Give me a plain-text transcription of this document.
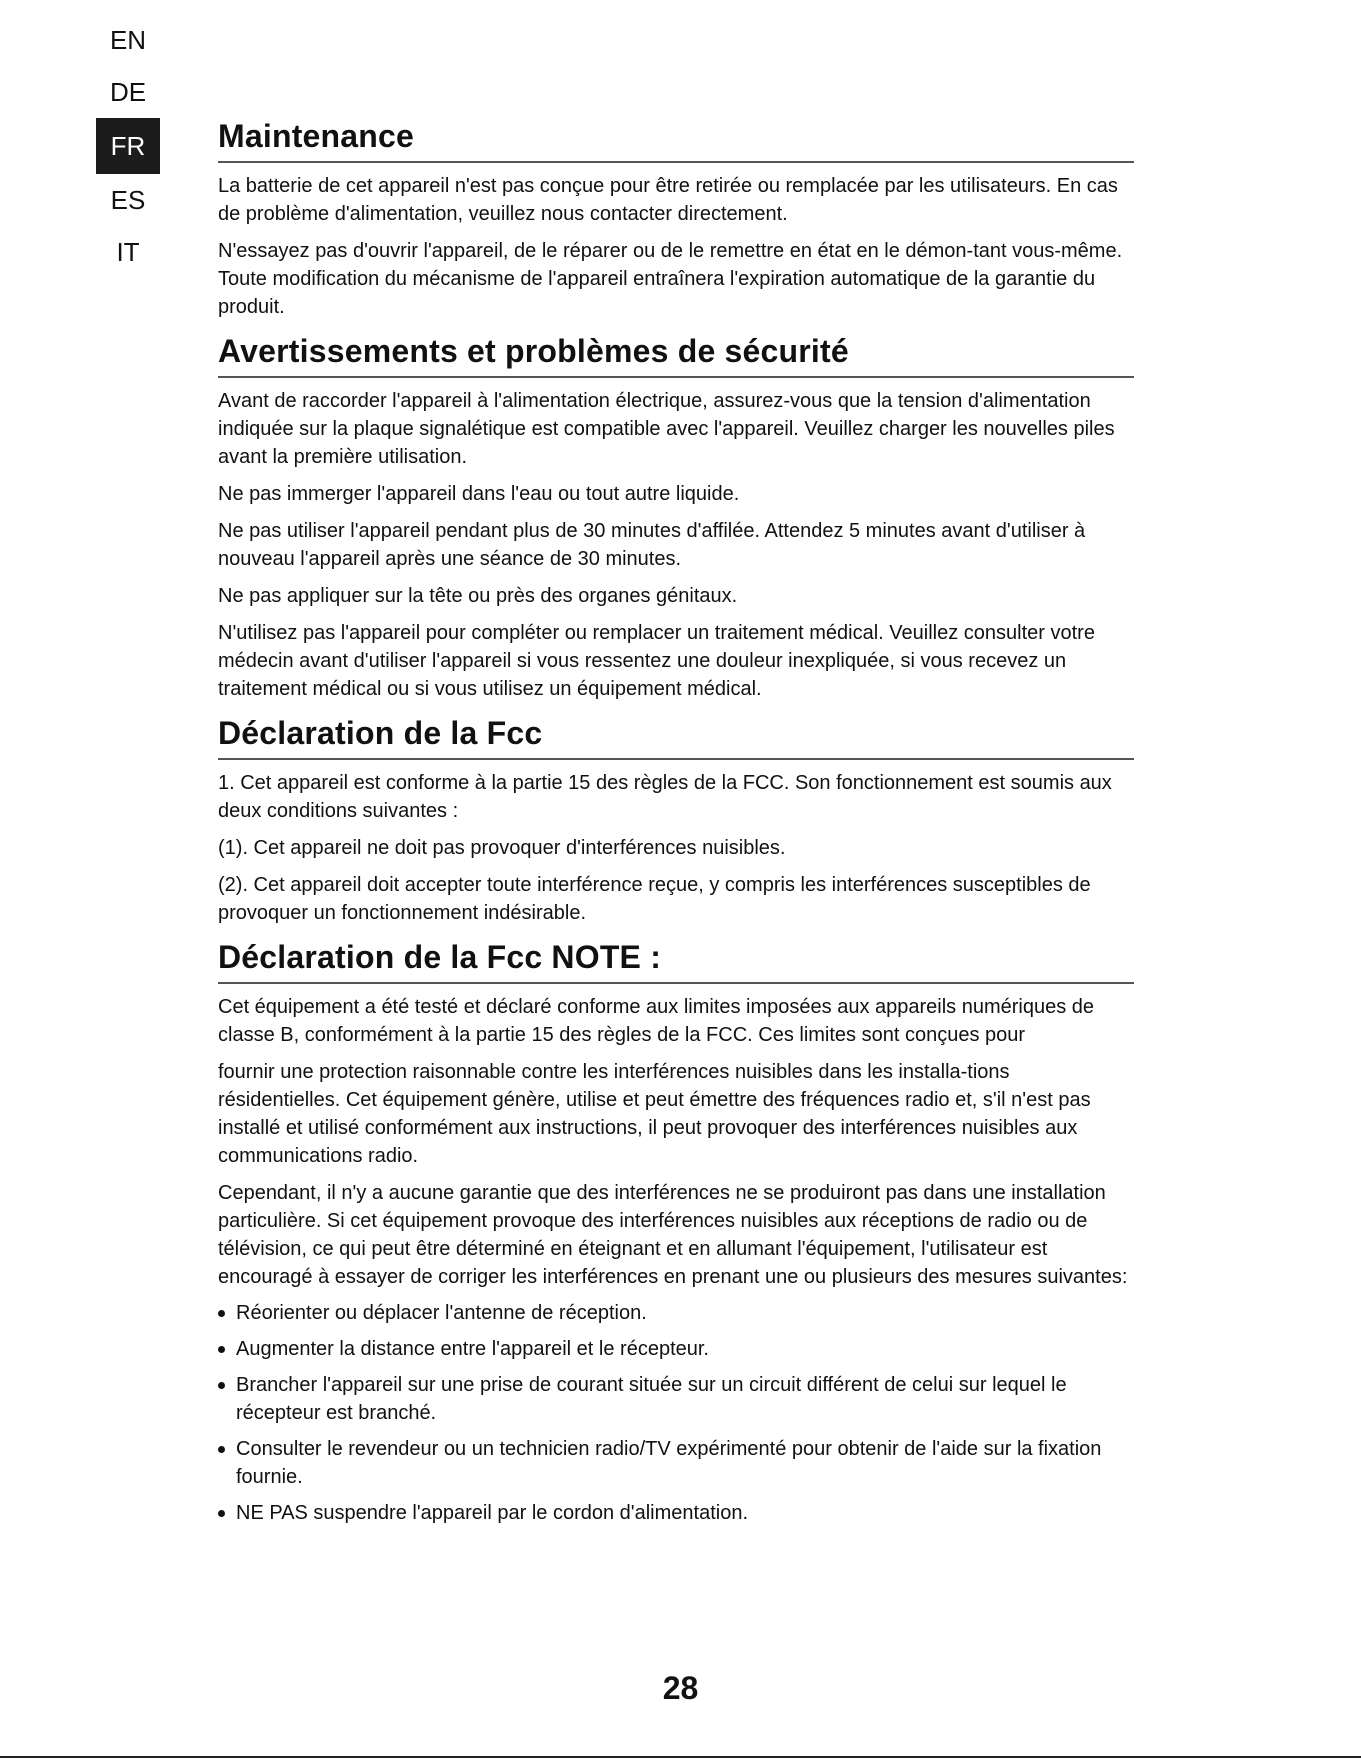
EN
DE
FR
ES
IT
Maintenance

La batterie de cet appareil n'est pas conçue pour être retirée ou remplacée par les utilisateurs. En cas de problème d'alimentation, veuillez nous contacter directement.

N'essayez pas d'ouvrir l'appareil, de le réparer ou de le remettre en état en le démon-tant vous-même. Toute modification du mécanisme de l'appareil entraînera l'expiration automatique de la garantie du produit.

Avertissements et problèmes de sécurité

Avant de raccorder l'appareil à l'alimentation électrique, assurez-vous que la tension d'alimentation indiquée sur la plaque signalétique est compatible avec l'appareil. Veuillez charger les nouvelles piles avant la première utilisation.

Ne pas immerger l'appareil dans l'eau ou tout autre liquide.

Ne pas utiliser l'appareil pendant plus de 30 minutes d'affilée. Attendez 5 minutes avant d'utiliser à nouveau l'appareil après une séance de 30 minutes.

Ne pas appliquer sur la tête ou près des organes génitaux.

N'utilisez pas l'appareil pour compléter ou remplacer un traitement médical. Veuillez consulter votre médecin avant d'utiliser l'appareil si vous ressentez une douleur inexpliquée, si vous recevez un traitement médical ou si vous utilisez un équipement médical.

Déclaration de la Fcc

1. Cet appareil est conforme à la partie 15 des règles de la FCC. Son fonctionnement est soumis aux deux conditions suivantes :

(1). Cet appareil ne doit pas provoquer d'interférences nuisibles.

(2). Cet appareil doit accepter toute interférence reçue, y compris les interférences susceptibles de provoquer un fonctionnement indésirable.

Déclaration de la Fcc NOTE :

Cet équipement a été testé et déclaré conforme aux limites imposées aux appareils numériques de classe B, conformément à la partie 15 des règles de la FCC. Ces limites sont conçues pour

fournir une protection raisonnable contre les interférences nuisibles dans les installa-tions résidentielles. Cet équipement génère, utilise et peut émettre des fréquences radio et, s'il n'est pas installé et utilisé conformément aux instructions, il peut provoquer des interférences nuisibles aux communications radio.

Cependant, il n'y a aucune garantie que des interférences ne se produiront pas dans une installation particulière. Si cet équipement provoque des interférences nuisibles aux réceptions de radio ou de télévision, ce qui peut être déterminé en éteignant et en allumant l'équipement, l'utilisateur est encouragé à essayer de corriger les interférences en prenant une ou plusieurs des mesures suivantes:

Réorienter ou déplacer l'antenne de réception.
Augmenter la distance entre l'appareil et le récepteur.
Brancher l'appareil sur une prise de courant située sur un circuit différent de celui sur lequel le récepteur est branché.
Consulter le revendeur ou un technicien radio/TV expérimenté pour obtenir de l'aide sur la fixation fournie.
NE PAS suspendre l'appareil par le cordon d'alimentation.
28
